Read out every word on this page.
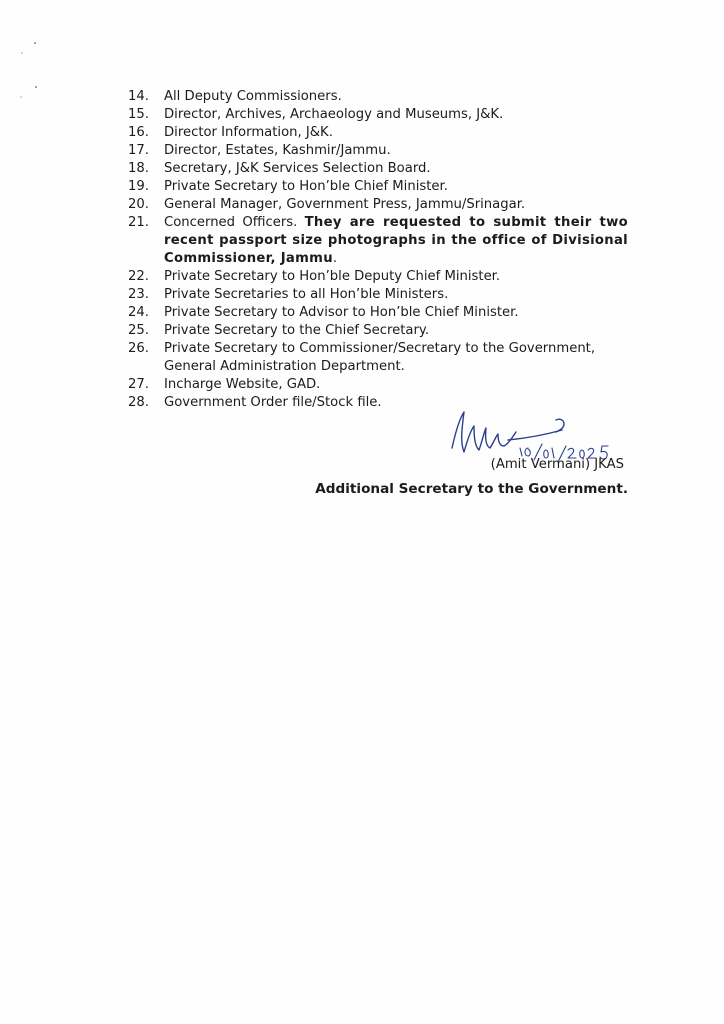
14.	All Deputy Commissioners.
15.	Director, Archives, Archaeology and Museums, J&K.
16.	Director Information, J&K.
17.	Director, Estates, Kashmir/Jammu.
18.	Secretary, J&K Services Selection Board.
19.	Private Secretary to Hon’ble Chief Minister.
20.	General Manager, Government Press, Jammu/Srinagar.
21.	Concerned Officers. They are requested to submit their two recent passport size photographs in the office of Divisional Commissioner, Jammu.
22.	Private Secretary to Hon’ble Deputy Chief Minister.
23.	Private Secretaries to all Hon’ble Ministers.
24.	Private Secretary to Advisor to Hon’ble Chief Minister.
25.	Private Secretary to the Chief Secretary.
26.	Private Secretary to Commissioner/Secretary to the Government, General Administration Department.
27.	Incharge Website, GAD.
28.	Government Order file/Stock file.
(Amit Vermani) JKAS
Additional Secretary to the Government.
